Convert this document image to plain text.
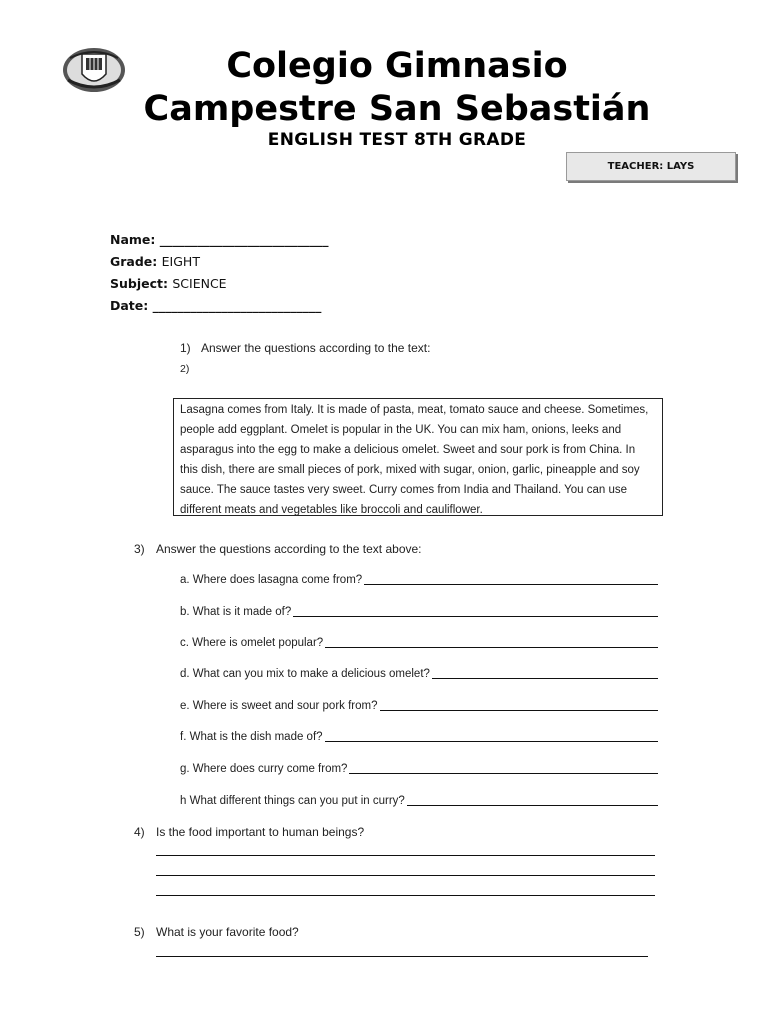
Colegio Gimnasio
Campestre San Sebastián
ENGLISH TEST 8TH GRADE
TEACHER: LAYS
Name: ___________________________
Grade: EIGHT
Subject: SCIENCE
Date: ___________________________
1) Answer the questions according to the text:
2)
Lasagna comes from Italy. It is made of pasta, meat, tomato sauce and cheese. Sometimes, people add eggplant. Omelet is popular in the UK. You can mix ham, onions, leeks and asparagus into the egg to make a delicious omelet. Sweet and sour pork is from China. In this dish, there are small pieces of pork, mixed with sugar, onion, garlic, pineapple and soy sauce. The sauce tastes very sweet. Curry comes from India and Thailand. You can use different meats and vegetables like broccoli and cauliflower.
3) Answer the questions according to the text above:
a. Where does lasagna come from?
b. What is it made of?
c. Where is omelet popular?
d. What can you mix to make a delicious omelet?
e. Where is sweet and sour pork from?
f. What is the dish made of?
g. Where does curry come from?
h What different things can you put in curry?
4) Is the food important to human beings?
5) What is your favorite food?
